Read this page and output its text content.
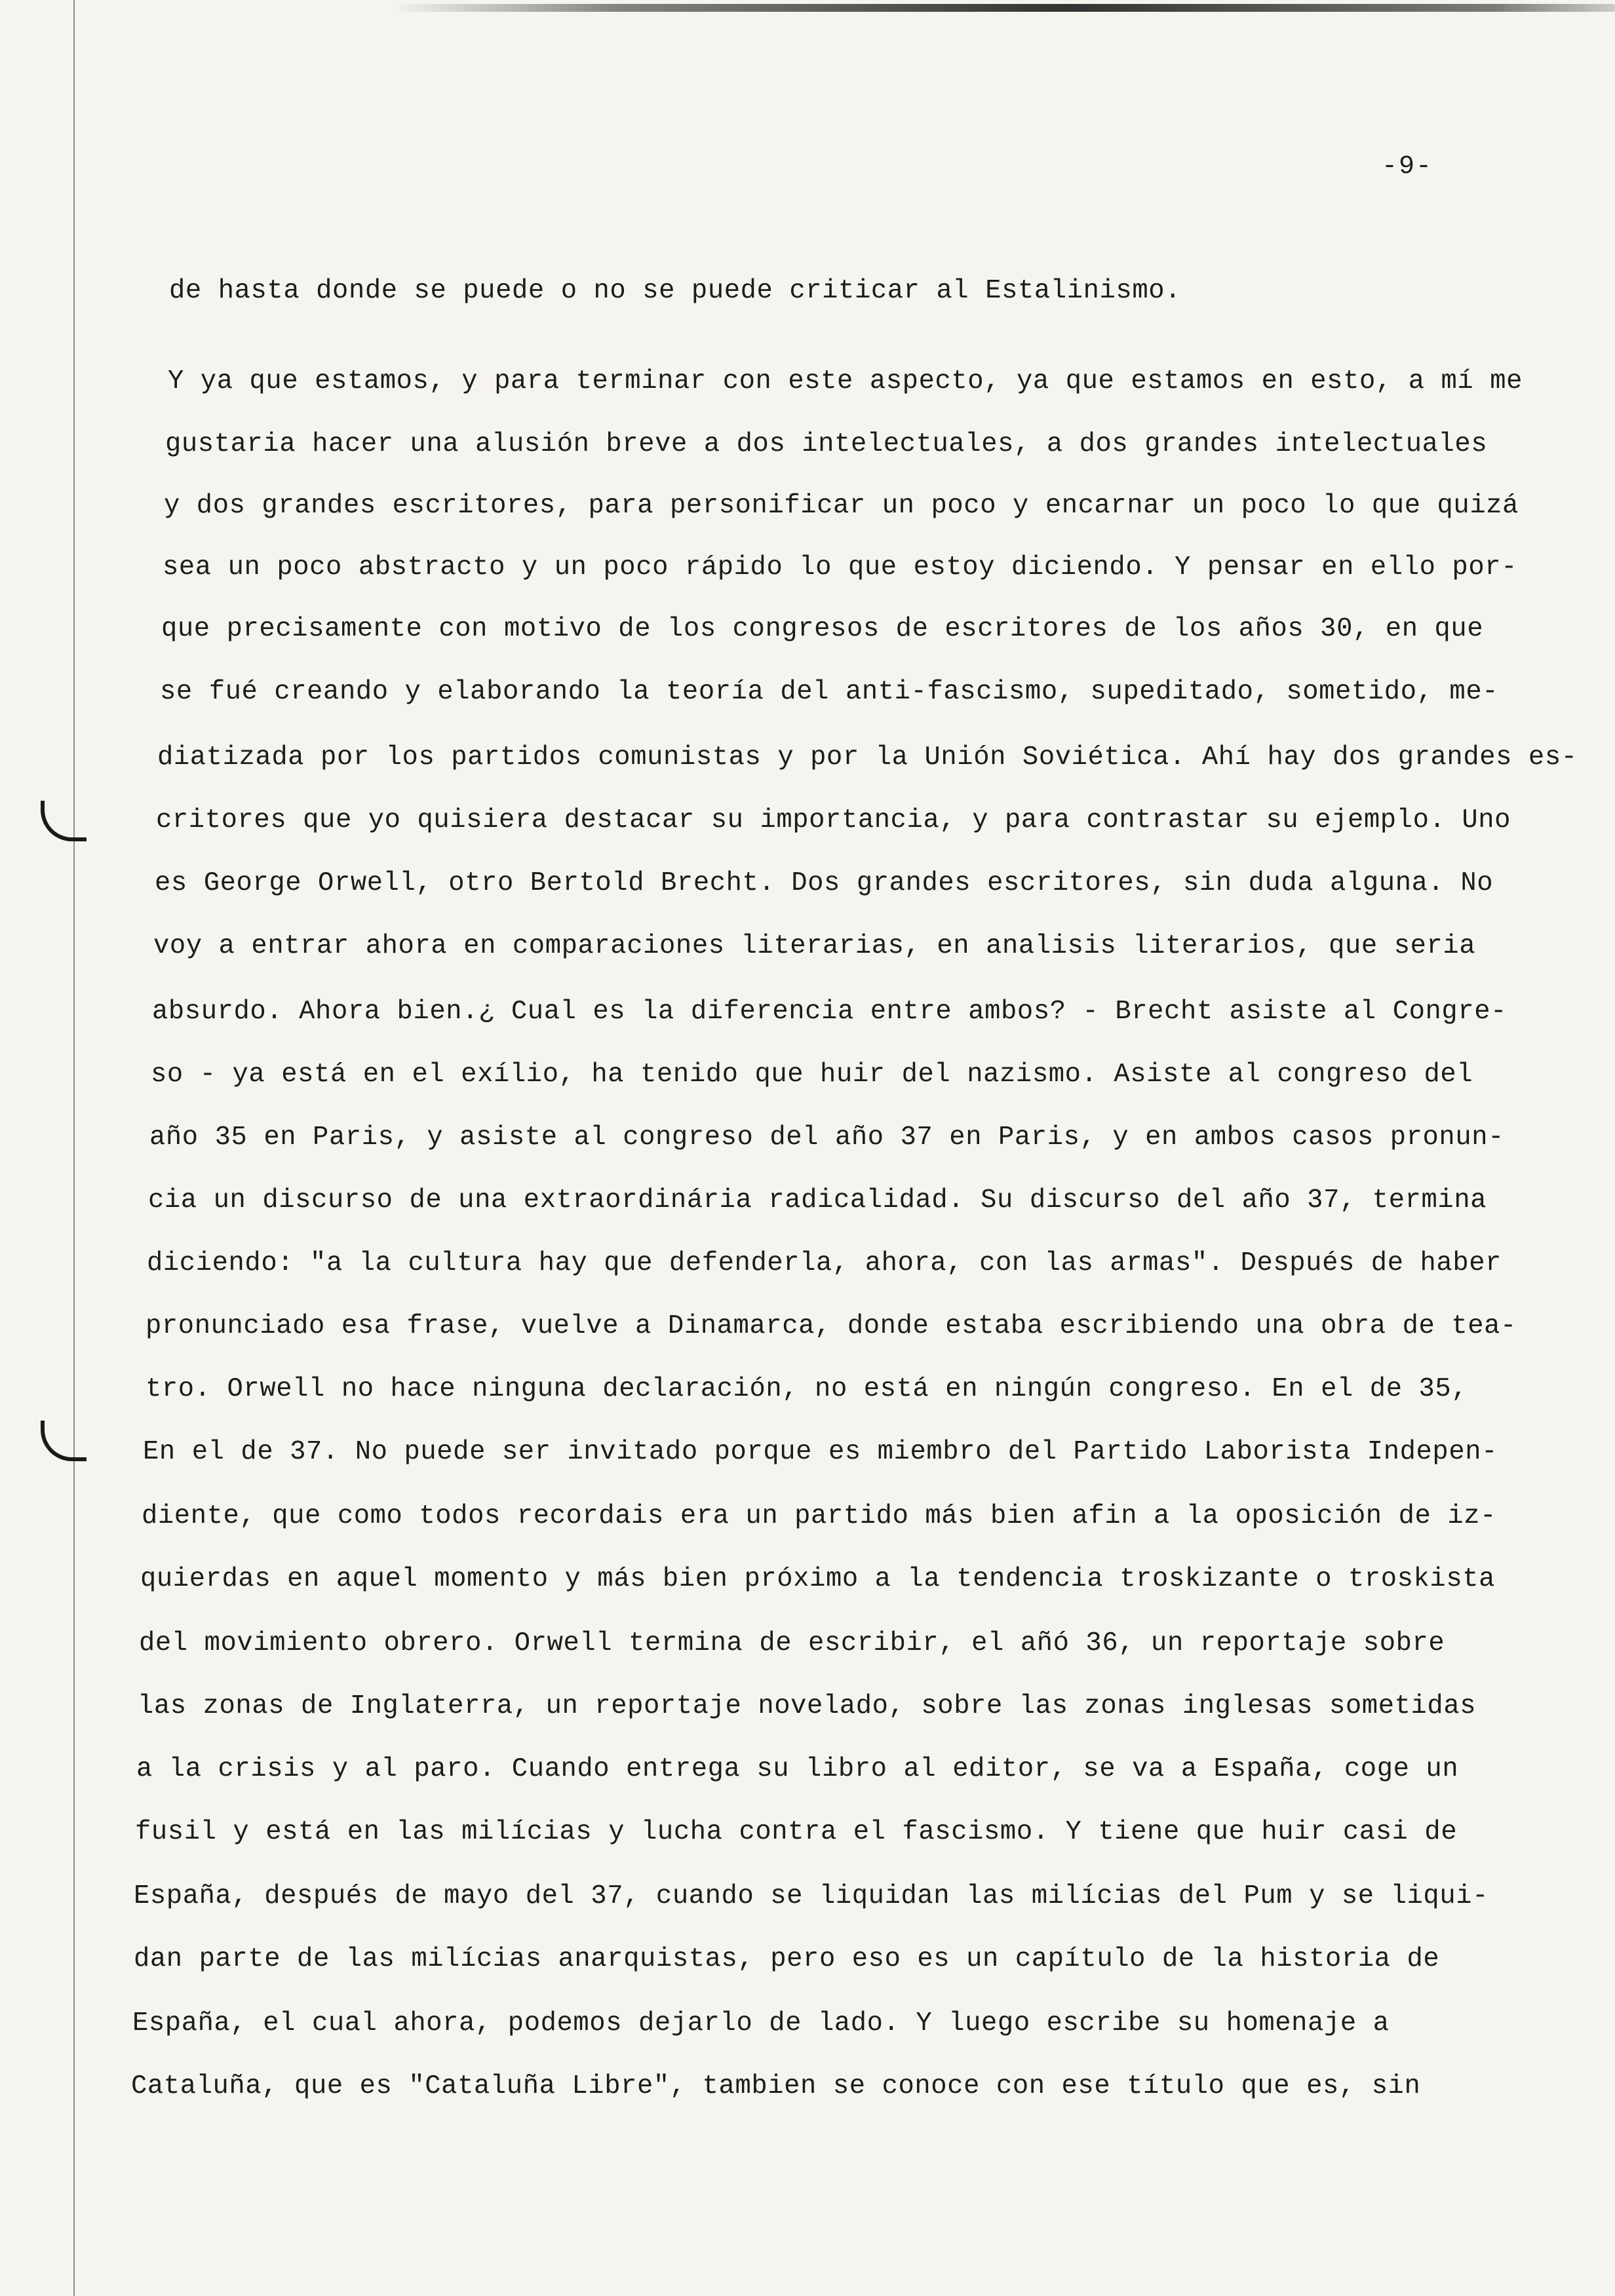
-9-
de hasta donde se puede o no se puede criticar al Estalinismo.
Y ya que estamos, y para terminar con este aspecto, ya que estamos en esto, a mí me
gustaria hacer una alusión breve a dos intelectuales, a dos grandes intelectuales
y dos grandes escritores, para personificar un poco y encarnar un poco lo que quizá
sea un poco abstracto y un poco rápido lo que estoy diciendo. Y pensar en ello por-
que precisamente con motivo de los congresos de escritores de los años 30, en que
se fué creando y elaborando la teoría del anti-fascismo, supeditado, sometido, me-
diatizada por los partidos comunistas y por la Unión Soviética. Ahí hay dos grandes es-
critores que yo quisiera destacar su importancia, y para contrastar su ejemplo. Uno
es George Orwell, otro Bertold Brecht. Dos grandes escritores, sin duda alguna. No
voy a entrar ahora en comparaciones literarias, en analisis literarios, que seria
absurdo. Ahora bien.¿ Cual es la diferencia entre ambos? - Brecht asiste al Congre-
so - ya está en el exílio, ha tenido que huir del nazismo. Asiste al congreso del
año 35 en Paris, y asiste al congreso del año 37 en Paris, y en ambos casos pronun-
cia un discurso de una extraordinária radicalidad. Su discurso del año 37, termina
diciendo: "a la cultura hay que defenderla, ahora, con las armas". Después de haber
pronunciado esa frase, vuelve a Dinamarca, donde estaba escribiendo una obra de tea-
tro. Orwell no hace ninguna declaración, no está en ningún congreso. En el de 35,
En el de 37. No puede ser invitado porque es miembro del Partido Laborista Indepen-
diente, que como todos recordais era un partido más bien afin a la oposición de iz-
quierdas en aquel momento y más bien próximo a la tendencia troskizante o troskista
del movimiento obrero. Orwell termina de escribir, el añó 36, un reportaje sobre
las zonas de Inglaterra, un reportaje novelado, sobre las zonas inglesas sometidas
a la crisis y al paro. Cuando entrega su libro al editor, se va a España, coge un
fusil y está en las milícias y lucha contra el fascismo. Y tiene que huir casi de
España, después de mayo del 37, cuando se liquidan las milícias del Pum y se liqui-
dan parte de las milícias anarquistas, pero eso es un capítulo de la historia de
España, el cual ahora, podemos dejarlo de lado. Y luego escribe su homenaje a
Cataluña, que es "Cataluña Libre", tambien se conoce con ese título que es, sin
